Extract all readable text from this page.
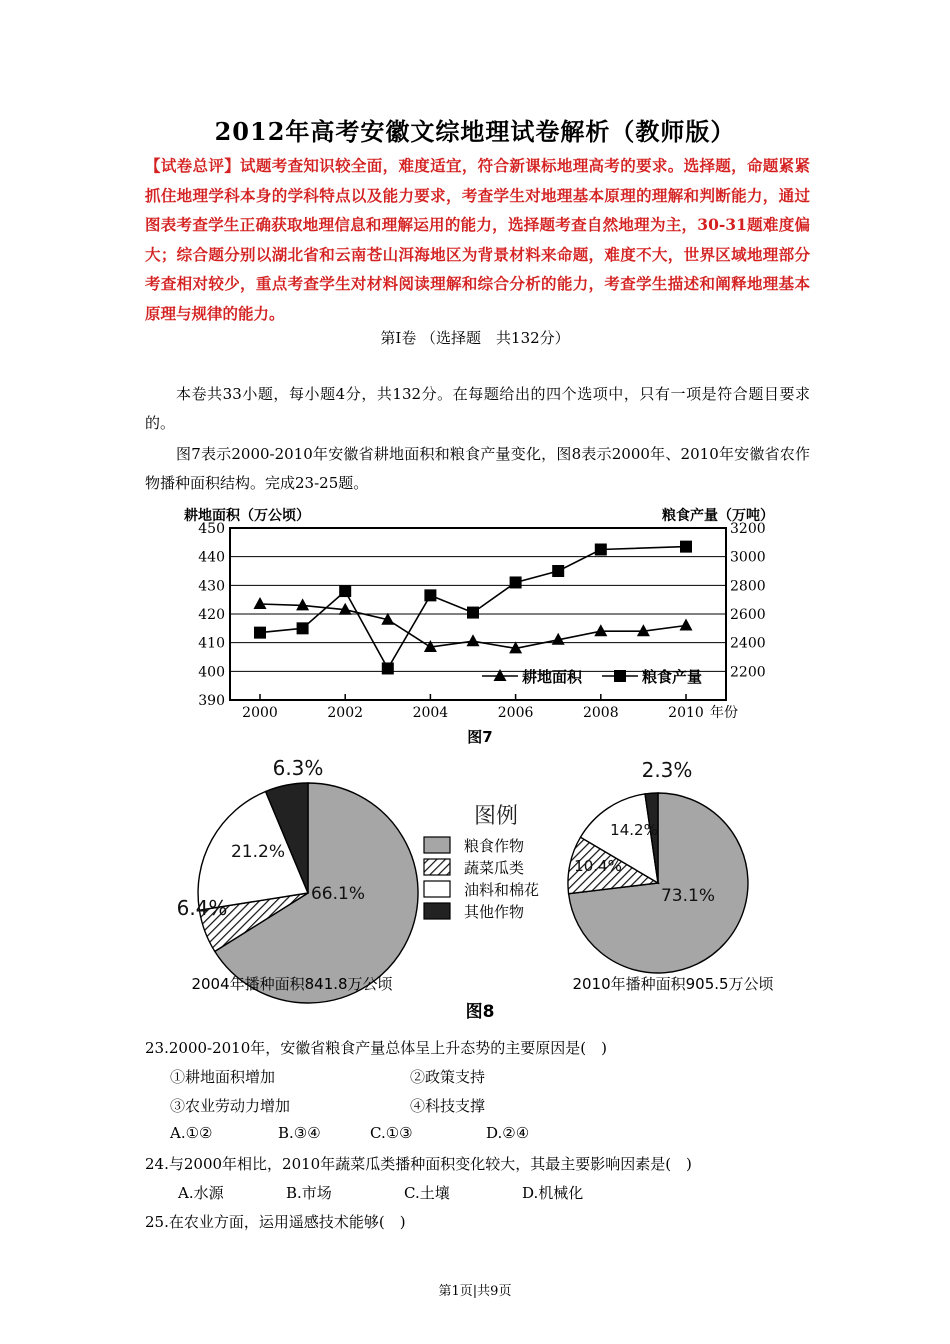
2012年高考安徽文综地理试卷解析（教师版）

【试卷总评】试题考查知识较全面，难度适宜，符合新课标地理高考的要求。选择题，命题紧紧抓住地理学科本身的学科特点以及能力要求，考查学生对地理基本原理的理解和判断能力，通过图表考查学生正确获取地理信息和理解运用的能力，选择题考查自然地理为主，30-31题难度偏大；综合题分别以湖北省和云南苍山洱海地区为背景材料来命题，难度不大，世界区域地理部分考查相对较少，重点考查学生对材料阅读理解和综合分析的能力，考查学生描述和阐释地理基本原理与规律的能力。

第Ⅰ卷 （选择题　共132分）

本卷共33小题，每小题4分，共132分。在每题给出的四个选项中，只有一项是符合题目要求的。

图7表示2000-2010年安徽省耕地面积和粮食产量变化，图8表示2000年、2010年安徽省农作物播种面积结构。完成23-25题。

耕地面积（万公顷）	粮食产量（万吨）
390
400
410
420
430
440
450
2200
2400
2600
2800
3000
3200
2000	2002	2004	2006	2008	2010 年份
耕地面积	粮食产量
图7
66.1%
6.4%
21.2%
6.3%
2004年播种面积841.8万公顷
73.1%
10.4%
14.2%
2.3%
2010年播种面积905.5万公顷
图例
粮食作物
蔬菜瓜类
油料和棉花
其他作物
图8
23.2000-2010年，安徽省粮食产量总体呈上升态势的主要原因是(　)
①耕地面积增加	②政策支持
③农业劳动力增加	④科技支撑
A.①②	B.③④	C.①③	D.②④
24.与2000年相比，2010年蔬菜瓜类播种面积变化较大，其最主要影响因素是(　)
A.水源	B.市场	C.土壤	D.机械化
25.在农业方面，运用遥感技术能够(　)
第1页|共9页
